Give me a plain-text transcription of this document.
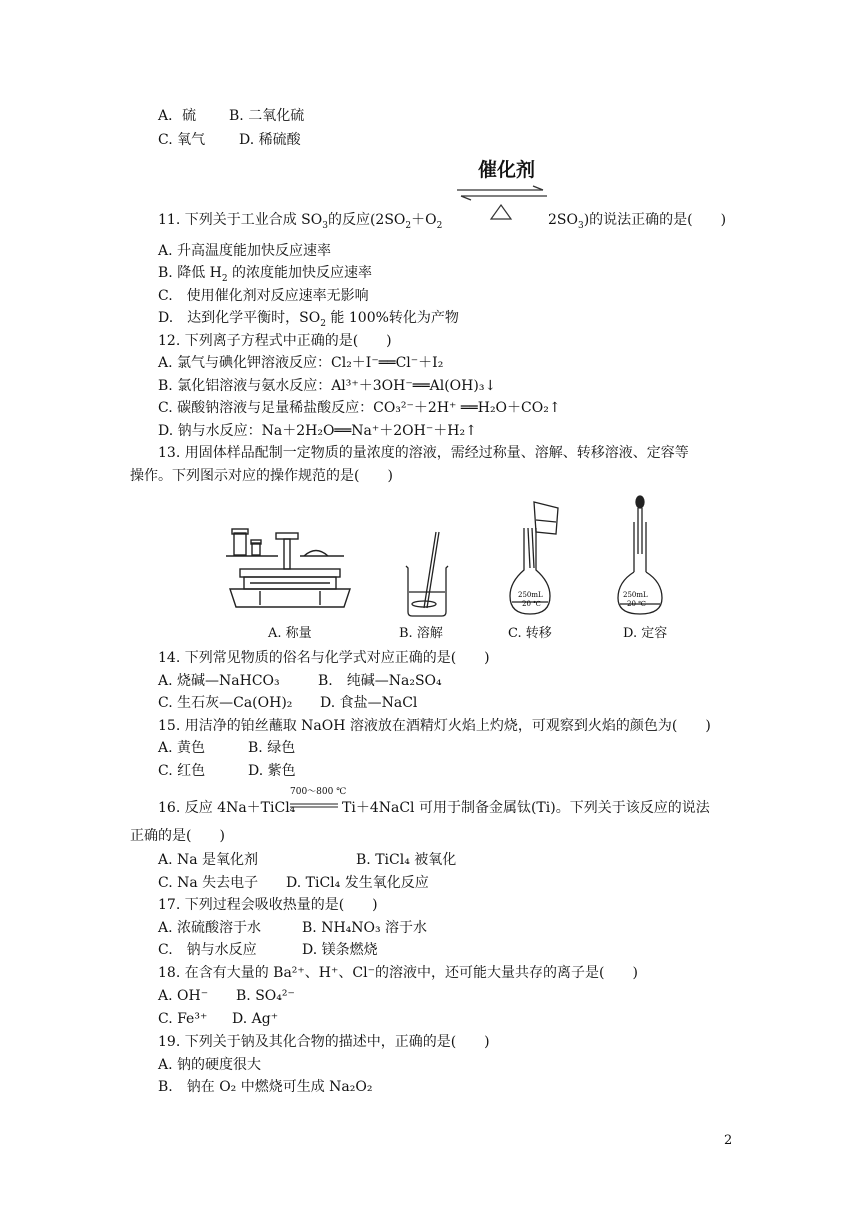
A．硫 B. 二氧化硫
C. 氧气 D. 稀硫酸
催化剂
11. 下列关于工业合成 $SO_3$的反应($2SO_2+O_2$	$2SO_3$)的说法正确的是(　　)
A. 升高温度能加快反应速率
B. 降低 $H_2$ 的浓度能加快反应速率
C.　使用催化剂对反应速率无影响
D.　达到化学平衡时，$SO_2$ 能 100%转化为产物
12. 下列离子方程式中正确的是(　　)
A. 氯气与碘化钾溶液反应：Cl₂＋I⁻══Cl⁻＋I₂
B. 氯化铝溶液与氨水反应：Al³⁺＋3OH⁻══Al(OH)₃↓
C. 碳酸钠溶液与足量稀盐酸反应：CO₃²⁻＋2H⁺ ══H₂O＋CO₂↑
D. 钠与水反应：Na＋2H₂O══Na⁺＋2OH⁻＋H₂↑
13. 用固体样品配制一定物质的量浓度的溶液，需经过称量、溶解、转移溶液、定容等
操作。下列图示对应的操作规范的是(　　)
A. 称量	B. 溶解
250mL
20 ℃
C. 转移
250mL
20 ℃
D. 定容
14. 下列常见物质的俗名与化学式对应正确的是(　　)
A. 烧碱—NaHCO₃	B.　纯碱—Na₂SO₄
C. 生石灰—Ca(OH)₂ D. 食盐—NaCl
15. 用洁净的铂丝蘸取 NaOH 溶液放在酒精灯火焰上灼烧，可观察到火焰的颜色为(　　)
A. 黄色	B. 绿色
C. 红色	D. 紫色
16. 反应 4Na＋TiCl₄
700～800 ℃
Ti＋4NaCl 可用于制备金属钛(Ti)。下列关于该反应的说法
正确的是(　　)
A. Na 是氧化剂	B. TiCl₄ 被氧化
C. Na 失去电子 D. TiCl₄ 发生氧化反应
17. 下列过程会吸收热量的是(　　)
A. 浓硫酸溶于水	B. NH₄NO₃ 溶于水
C.　钠与水反应	D. 镁条燃烧
18. 在含有大量的 Ba²⁺、H⁺、Cl⁻的溶液中，还可能大量共存的离子是(　　)
A. OH⁻ B. SO₄²⁻
C. Fe³⁺ D. Ag⁺
19. 下列关于钠及其化合物的描述中，正确的是(　　)
A. 钠的硬度很大
B.　钠在 O₂ 中燃烧可生成 Na₂O₂
2
